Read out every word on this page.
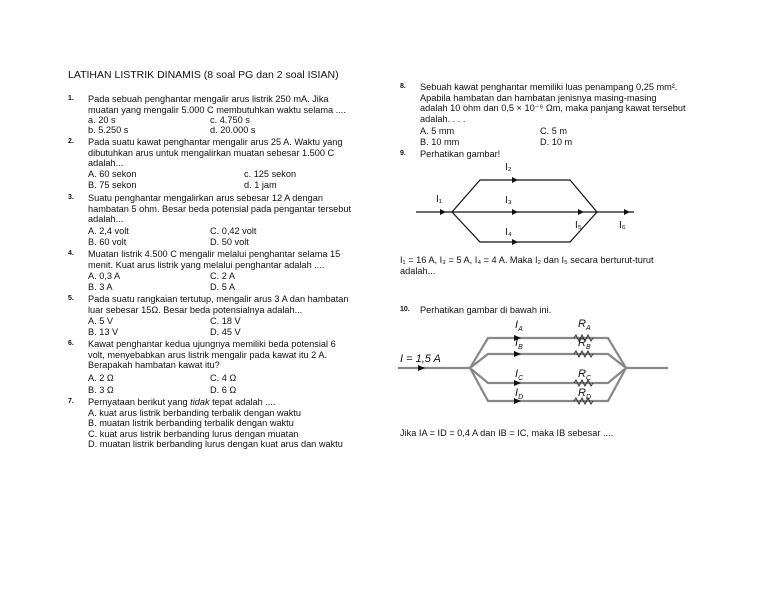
LATIHAN LISTRIK DINAMIS (8 soal PG dan 2 soal ISIAN)
1. Pada sebuah penghantar mengalir arus listrik 250 mA. Jika
muatan yang mengalir 5.000 C membutuhkan waktu selama ....
a. 20 s	c. 4.750 s
b. 5.250 s	d. 20.000 s
2. Pada suatu kawat penghantar mengalir arus 25 A. Waktu yang
dibutuhkan arus untuk mengalirkan muatan sebesar 1.500 C
adalah...
A. 60 sekon	c. 125 sekon
B. 75 sekon	d. 1 jam
3. Suatu penghantar mengalirkan arus sebesar 12 A dengan
hambatan 5 ohm. Besar beda potensial pada pengantar tersebut
adalah...
A. 2,4 volt	C. 0,42 volt
B. 60 volt	D. 50 volt
4. Muatan listrik 4.500 C mengalir melalui penghantar selama 15
menit. Kuat arus listrik yang melalui penghantar adalah ....
A. 0,3 A	C. 2 A
B. 3 A	D. 5 A
5. Pada suatu rangkaian tertutup, mengalir arus 3 A dan hambatan
luar sebesar 15Ω. Besar beda potensialnya adalah...
A. 5 V	C. 18 V
B. 13 V	D. 45 V
6. Kawat penghantar kedua ujungnya memiliki beda potensial 6
volt, menyebabkan arus listrik mengalir pada kawat itu 2 A.
Berapakah hambatan kawat itu?
A. 2 Ω	C. 4 Ω
B. 3 Ω	D. 6 Ω
7. Pernyataan berikut yang tidak tepat adalah ....
A. kuat arus listrik berbanding terbalik dengan waktu
B. muatan listrik berbanding terbalik dengan waktu
C. kuat arus listrik berbanding lurus dengan muatan
D. muatan listrik berbanding lurus dengan kuat arus dan waktu
8. Sebuah kawat penghantar memiliki luas penampang 0,25 mm².
Apabila hambatan dan hambatan jenisnya masing-masing
adalah 10 ohm dan 0,5 × 10⁻⁶ Ωm, maka panjang kawat tersebut
adalah. . . .
A. 5 mm	C. 5 m
B. 10 mm	D. 10 m
9. Perhatikan gambar!
I₁
I₂
I₃
I₄
I₅	I₆
I₁ = 16 A, I₃ = 5 A, I₄ = 4 A. Maka I₂ dan I₅ secara berturut-turut
adalah...
10. Perhatikan gambar di bawah ini.
I = 1,5 A
$I_A$
$I_B$
$I_C$
$I_D$
$R_A$
$R_B$
$R_C$
$R_D$
Jika IA = ID = 0,4 A dan IB = IC, maka IB sebesar ....
